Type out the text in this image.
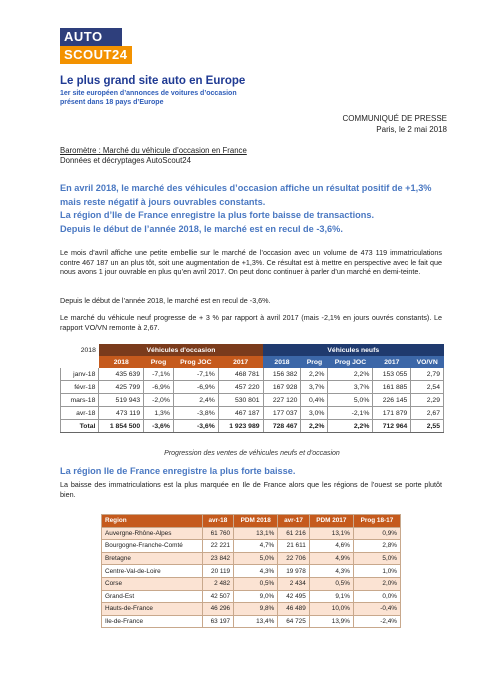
AUTO
SCOUT24
Le plus grand site auto en Europe
1er site européen d’annonces de voitures d’occasion présent dans 18 pays d’Europe
COMMUNIQUÉ DE PRESSE
Paris, le 2 mai 2018
Baromètre : Marché du véhicule d’occasion en France
Données et décryptages AutoScout24
En avril 2018, le marché des véhicules d’occasion affiche un résultat positif de +1,3% mais reste négatif à jours ouvrables constants.
La région d’Ile de France enregistre la plus forte baisse de transactions.
Depuis le début de l’année 2018, le marché est en recul de -3,6%.
Le mois d’avril affiche une petite embellie sur le marché de l’occasion avec un volume de 473 119 immatriculations contre 467 187 un an plus tôt, soit une augmentation de +1,3%. Ce résultat est à mettre en perspective avec le fait que nous avons 1 jour ouvrable en plus qu’en avril 2017. On peut donc continuer à parler d’un marché en demi-teinte.
Depuis le début de l’année 2018, le marché est en recul de -3,6%.
Le marché du véhicule neuf progresse de + 3 % par rapport à avril 2017 (mais -2,1% en jours ouvrés constants). Le rapport VO/VN remonte à 2,67.
2018	Véhicules d'occasion				Véhicules neufs				
	2018	Prog	Prog JOC	2017	2018	Prog	Prog JOC	2017	VO/VN
janv-18	435 639	-7,1%	-7,1%	468 781	156 382	2,2%	2,2%	153 055	2,79
févr-18	425 799	-6,9%	-6,9%	457 220	167 928	3,7%	3,7%	161 885	2,54
mars-18	519 943	-2,0%	2,4%	530 801	227 120	0,4%	5,0%	226 145	2,29
avr-18	473 119	1,3%	-3,8%	467 187	177 037	3,0%	-2,1%	171 879	2,67
Total	1 854 500	-3,6%	-3,6%	1 923 989	728 467	2,2%	2,2%	712 964	2,55
Progression des ventes de véhicules neufs et d'occasion
La région Ile de France enregistre la plus forte baisse.
La baisse des immatriculations est la plus marquée en Ile de France alors que les régions de l’ouest se porte plutôt bien.
Region	avr-18	PDM 2018	avr-17	PDM 2017	Prog 18-17
Auvergne-Rhône-Alpes	61 760	13,1%	61 216	13,1%	0,9%
Bourgogne-Franche-Comté	22 221	4,7%	21 611	4,6%	2,8%
Bretagne	23 842	5,0%	22 706	4,9%	5,0%
Centre-Val-de-Loire	20 119	4,3%	19 978	4,3%	1,0%
Corse	2 482	0,5%	2 434	0,5%	2,0%
Grand-Est	42 507	9,0%	42 495	9,1%	0,0%
Hauts-de-France	46 296	9,8%	46 489	10,0%	-0,4%
Ile-de-France	63 197	13,4%	64 725	13,9%	-2,4%
